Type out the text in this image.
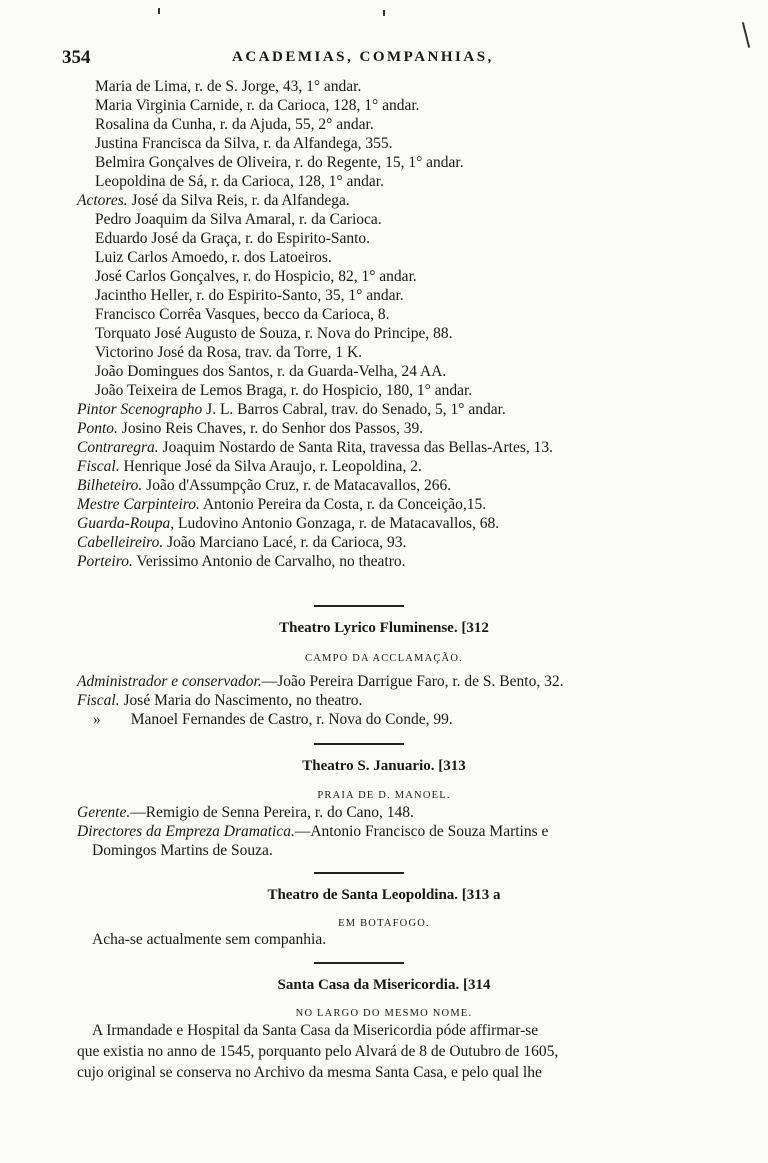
354	ACADEMIAS, COMPANHIAS,
Maria de Lima, r. de S. Jorge, 43, 1° andar.
Maria Virginia Carnide, r. da Carioca, 128, 1° andar.
Rosalina da Cunha, r. da Ajuda, 55, 2° andar.
Justina Francisca da Silva, r. da Alfandega, 355.
Belmira Gonçalves de Oliveira, r. do Regente, 15, 1° andar.
Leopoldina de Sá, r. da Carioca, 128, 1° andar.
Actores. José da Silva Reis, r. da Alfandega.
Pedro Joaquim da Silva Amaral, r. da Carioca.
Eduardo José da Graça, r. do Espirito-Santo.
Luiz Carlos Amoedo, r. dos Latoeiros.
José Carlos Gonçalves, r. do Hospicio, 82, 1° andar.
Jacintho Heller, r. do Espirito-Santo, 35, 1° andar.
Francisco Corrêa Vasques, becco da Carioca, 8.
Torquato José Augusto de Souza, r. Nova do Principe, 88.
Victorino José da Rosa, trav. da Torre, 1 K.
João Domingues dos Santos, r. da Guarda-Velha, 24 AA.
João Teixeira de Lemos Braga, r. do Hospicio, 180, 1° andar.
Pintor Scenographo J. L. Barros Cabral, trav. do Senado, 5, 1° andar.
Ponto. Josino Reis Chaves, r. do Senhor dos Passos, 39.
Contraregra. Joaquim Nostardo de Santa Rita, travessa das Bellas-Artes, 13.
Fiscal. Henrique José da Silva Araujo, r. Leopoldina, 2.
Bilheteiro. João d'Assumpção Cruz, r. de Matacavallos, 266.
Mestre Carpinteiro. Antonio Pereira da Costa, r. da Conceição,15.
Guarda-Roupa, Ludovino Antonio Gonzaga, r. de Matacavallos, 68.
Cabelleireiro. João Marciano Lacé, r. da Carioca, 93.
Porteiro. Verissimo Antonio de Carvalho, no theatro.
Theatro Lyrico Fluminense. [312
CAMPO DA ACCLAMAÇÃO.
Administrador e conservador.—João Pereira Darrigue Faro, r. de S. Bento, 32.
Fiscal. José Maria do Nascimento, no theatro.
» Manoel Fernandes de Castro, r. Nova do Conde, 99.
Theatro S. Januario. [313
PRAIA DE D. MANOEL.
Gerente.—Remigio de Senna Pereira, r. do Cano, 148.
Directores da Empreza Dramatica.—Antonio Francisco de Souza Martins e
Domingos Martins de Souza.
Theatro de Santa Leopoldina. [313 a
EM BOTAFOGO.
Acha-se actualmente sem companhia.
Santa Casa da Misericordia. [314
NO LARGO DO MESMO NOME.
A Irmandade e Hospital da Santa Casa da Misericordia póde affirmar-se
que existia no anno de 1545, porquanto pelo Alvará de 8 de Outubro de 1605,
cujo original se conserva no Archivo da mesma Santa Casa, e pelo qual lhe
